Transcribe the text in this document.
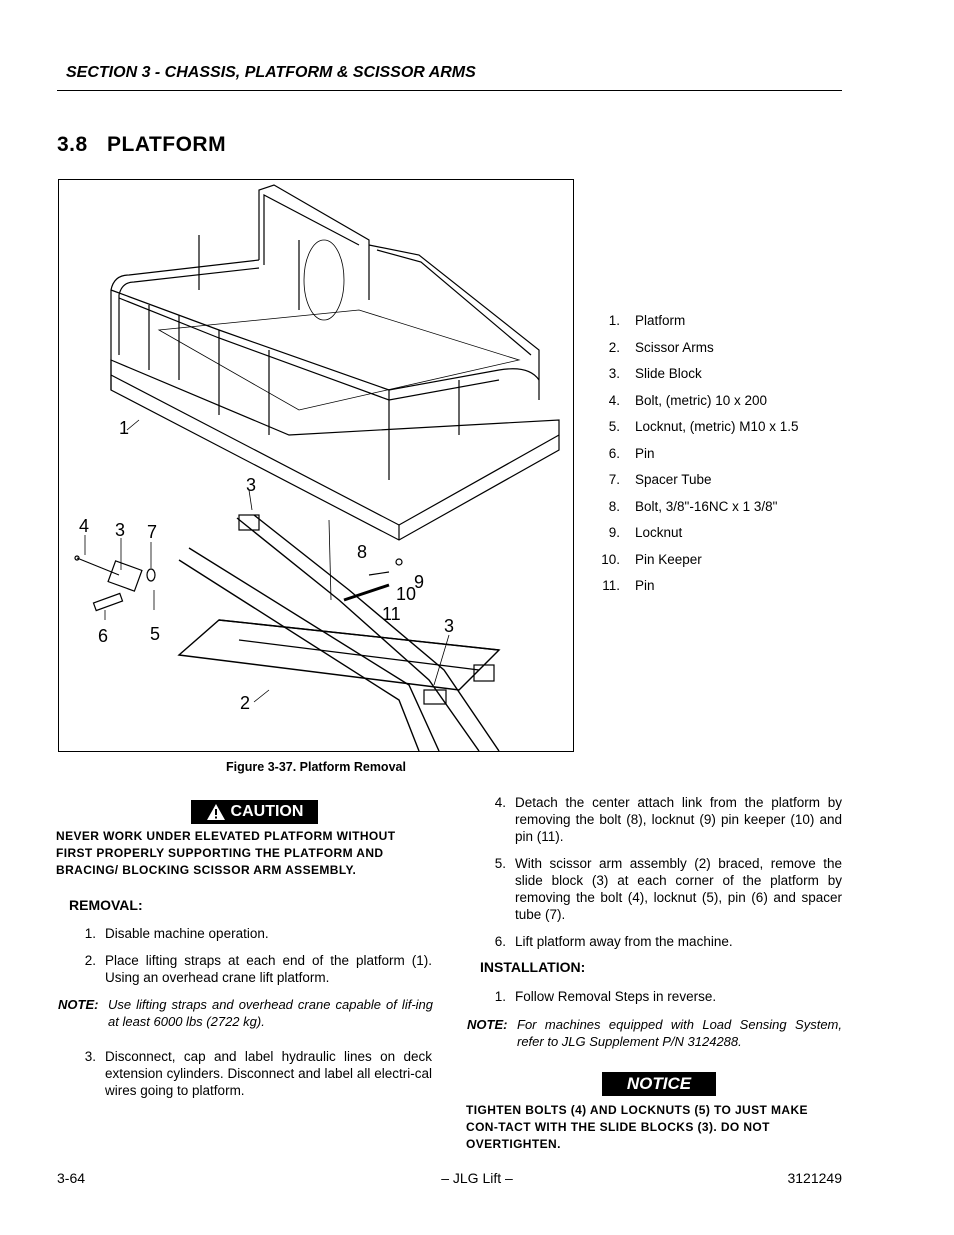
SECTION 3 - CHASSIS, PLATFORM & SCISSOR ARMS
3.8 PLATFORM
1
3
4 3 7
6 5
8
9
10
11
3
2
1. Platform
2. Scissor Arms
3. Slide Block
4. Bolt, (metric) 10 x 200
5. Locknut, (metric) M10 x 1.5
6. Pin
7. Spacer Tube
8. Bolt, 3/8"-16NC x 1 3/8"
9. Locknut
10. Pin Keeper
11. Pin
Figure 3-37. Platform Removal
CAUTION
NEVER WORK UNDER ELEVATED PLATFORM WITHOUT FIRST PROPERLY SUPPORTING THE PLATFORM AND BRACING/ BLOCKING SCISSOR ARM ASSEMBLY.
REMOVAL:
1. Disable machine operation.
2. Place lifting straps at each end of the platform (1). Using an overhead crane lift platform.
NOTE: Use lifting straps and overhead crane capable of lif-ing at least 6000 lbs (2722 kg).
3. Disconnect, cap and label hydraulic lines on deck extension cylinders. Disconnect and label all electri-cal wires going to platform.
4. Detach the center attach link from the platform by removing the bolt (8), locknut (9) pin keeper (10) and pin (11).
5. With scissor arm assembly (2) braced, remove the slide block (3) at each corner of the platform by removing the bolt (4), locknut (5), pin (6) and spacer tube (7).
6. Lift platform away from the machine.
INSTALLATION:
1. Follow Removal Steps in reverse.
NOTE: For machines equipped with Load Sensing System, refer to JLG Supplement P/N 3124288.
NOTICE
TIGHTEN BOLTS (4) AND LOCKNUTS (5) TO JUST MAKE CON-TACT WITH THE SLIDE BLOCKS (3). DO NOT OVERTIGHTEN.
3-64	– JLG Lift –	3121249
